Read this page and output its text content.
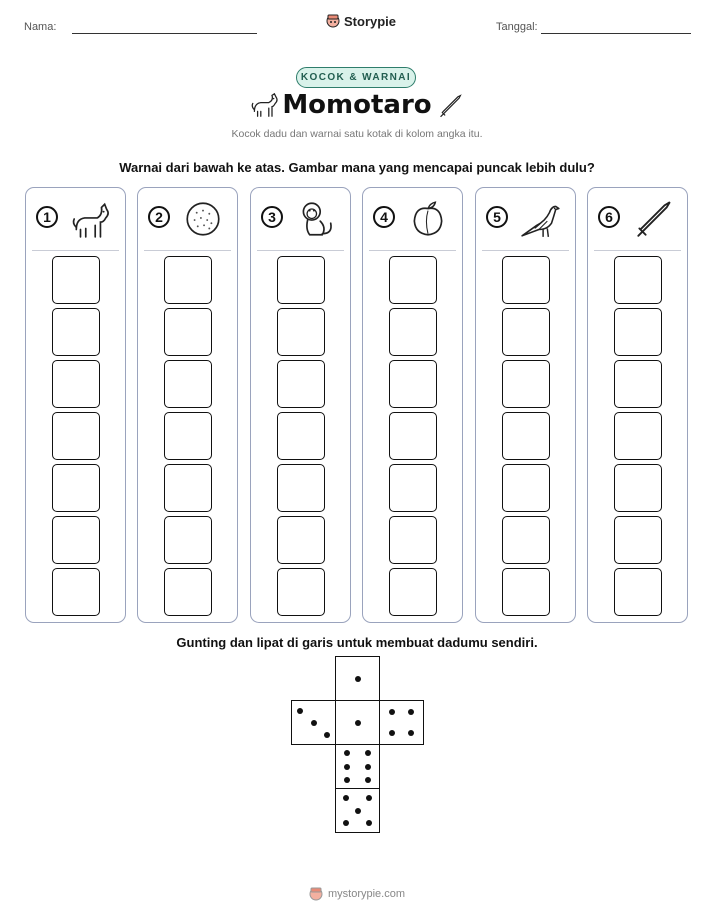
Nama:	Storypie	Tanggal:
KOCOK & WARNAI
Momotaro
Kocok dadu dan warnai satu kotak di kolom angka itu.
Warnai dari bawah ke atas. Gambar mana yang mencapai puncak lebih dulu?
1	2	3	4	5	6
Gunting dan lipat di garis untuk membuat dadumu sendiri.
mystorypie.com
